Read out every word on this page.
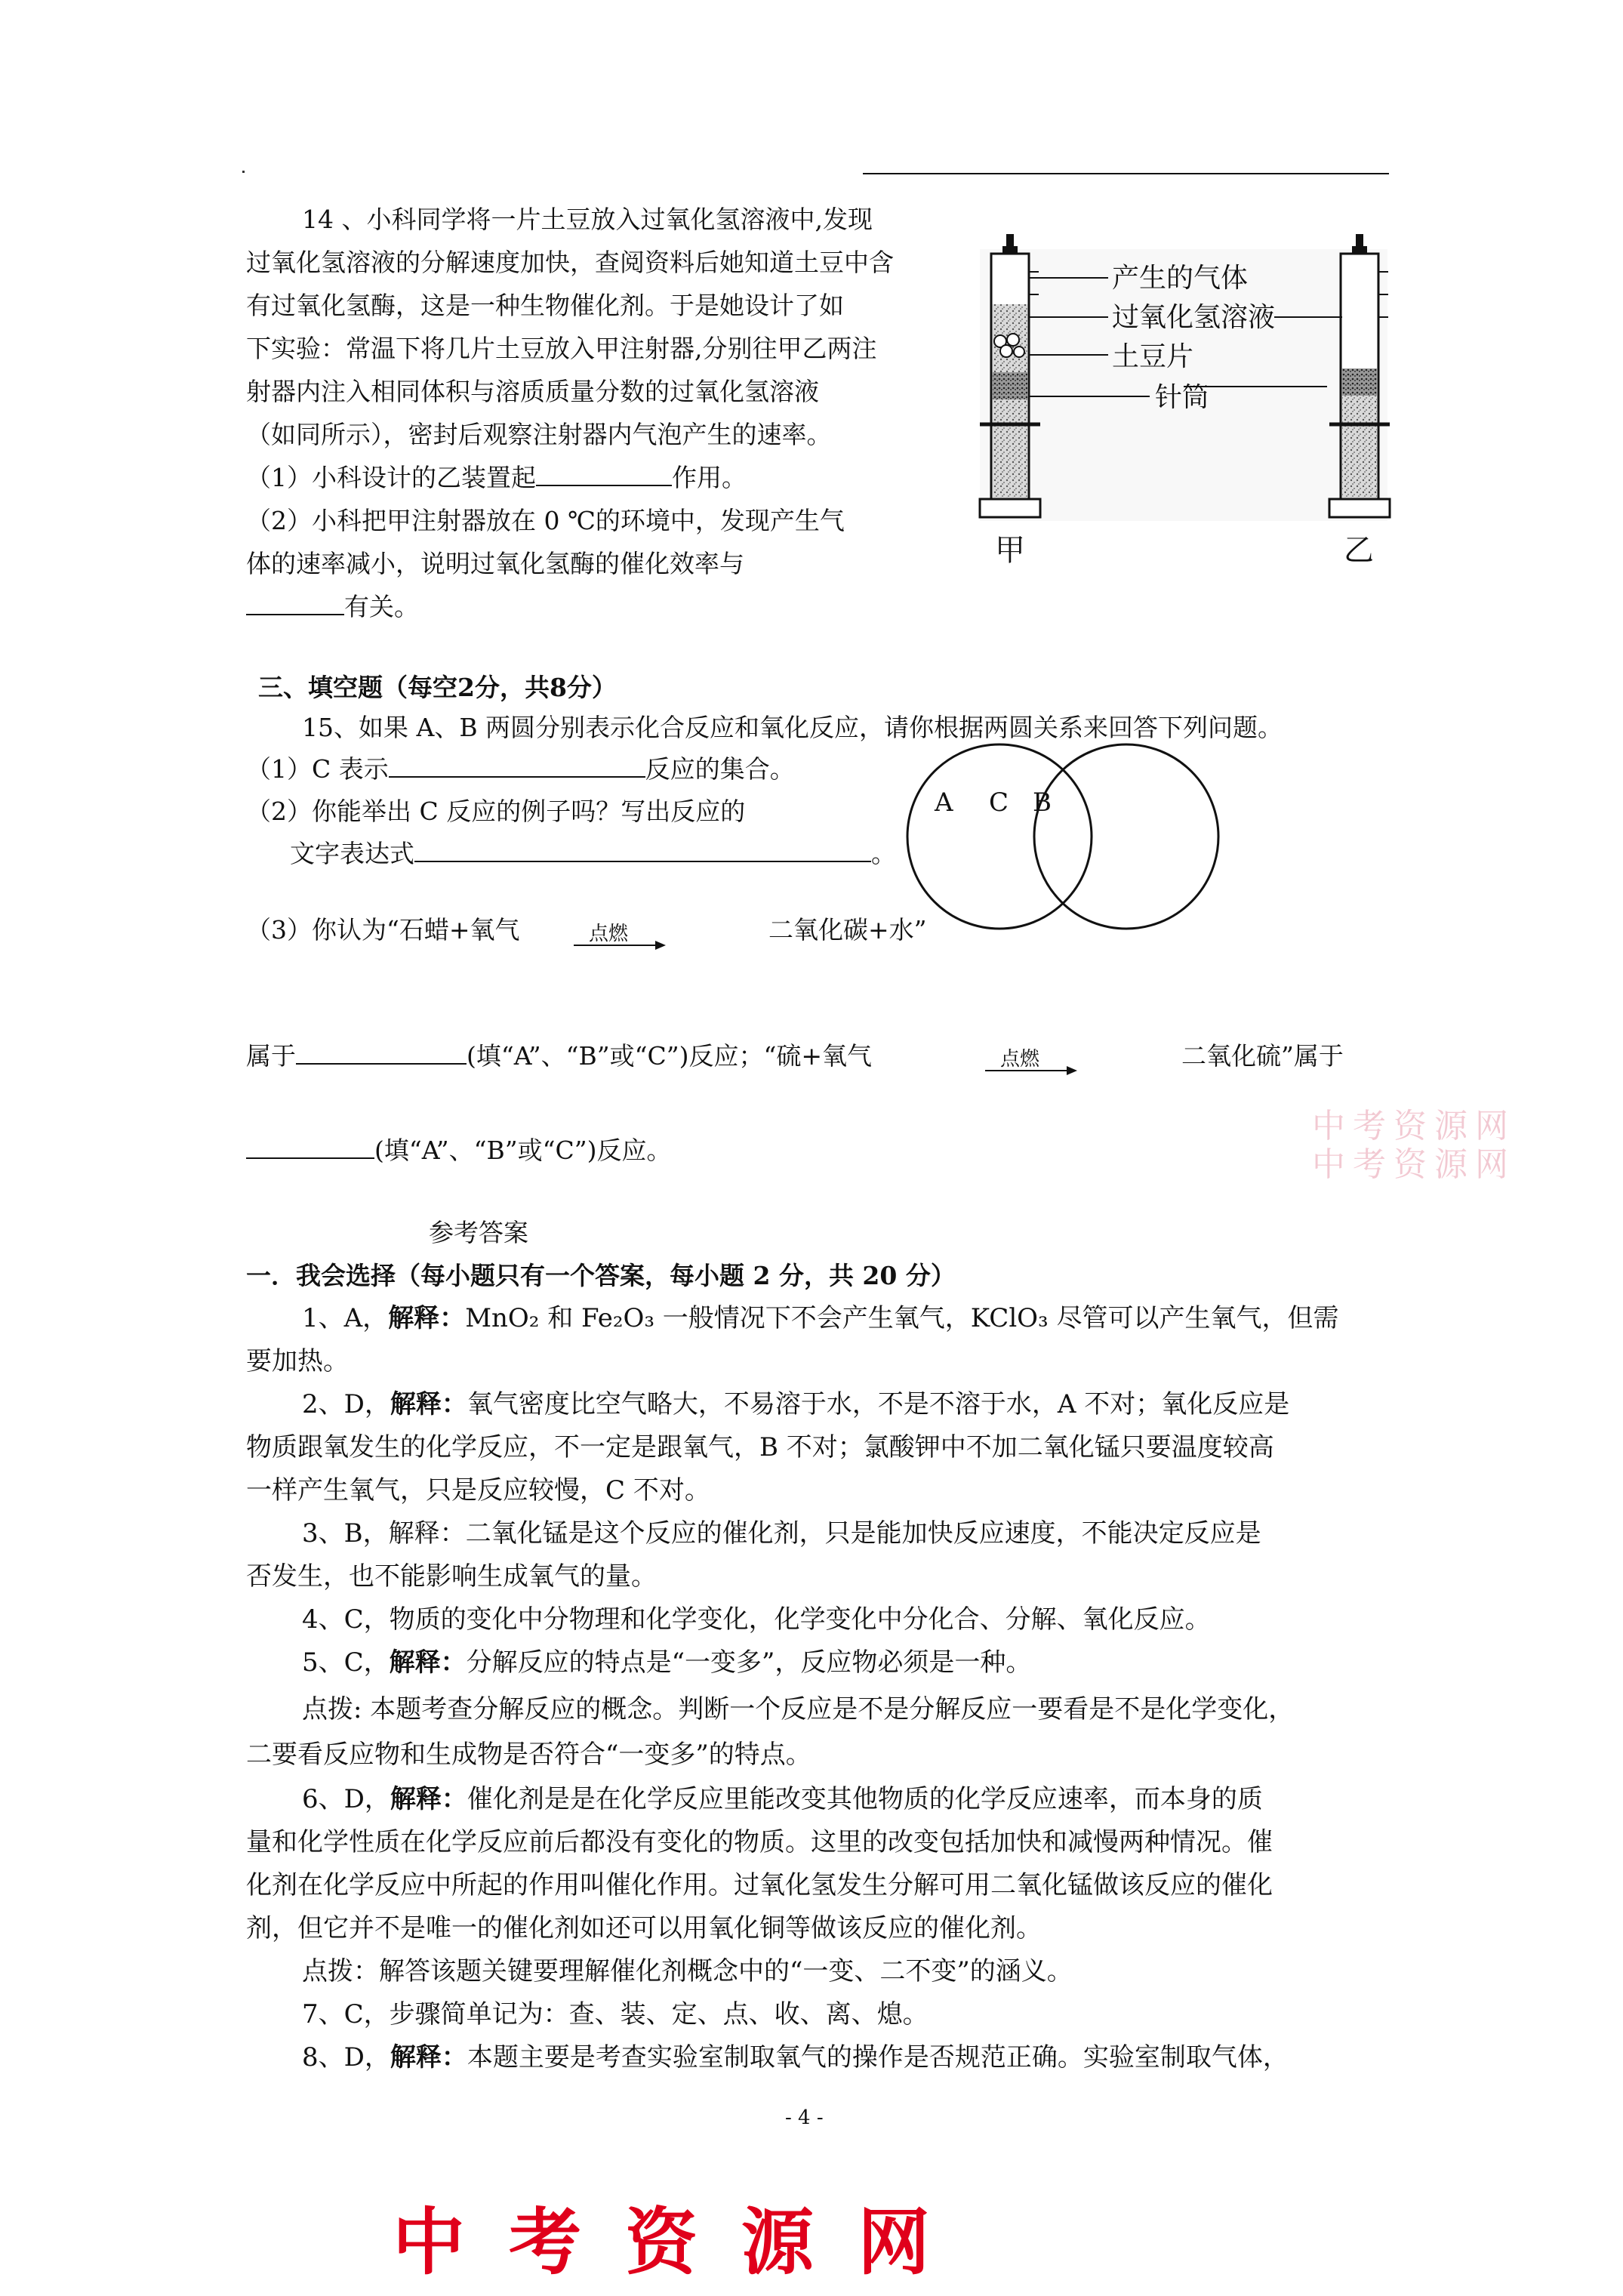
14 、小科同学将一片土豆放入过氧化氢溶液中,发现
过氧化氢溶液的分解速度加快，查阅资料后她知道土豆中含
有过氧化氢酶，这是一种生物催化剂。于是她设计了如
下实验：常温下将几片土豆放入甲注射器,分别往甲乙两注
射器内注入相同体积与溶质质量分数的过氧化氢溶液
（如同所示），密封后观察注射器内气泡产生的速率。
（1）小科设计的乙装置起	作用。
（2）小科把甲注射器放在 0 ℃的环境中，发现产生气
体的速率减小，说明过氧化氢酶的催化效率与
有关。
产生的气体
过氧化氢溶液
土豆片
针筒
甲	乙
三、填空题（每空2分，共8分）
15、如果 A、B 两圆分别表示化合反应和氧化反应，请你根据两圆关系来回答下列问题。
（1）C 表示	反应的集合。
（2）你能举出 C 反应的例子吗？写出反应的
文字表达式	。
A C B
（3）你认为“石蜡+氧气	点燃	二氧化碳+水”
属于	(填“A”、“B”或“C”)反应；“硫+氧气	点燃	二氧化硫”属于
(填“A”、“B”或“C”)反应。
中考资源网
中考资源网
参考答案
一．我会选择（每小题只有一个答案，每小题 2 分，共 20 分）
1、A，解释：MnO₂ 和 Fe₂O₃ 一般情况下不会产生氧气，KClO₃ 尽管可以产生氧气，但需
要加热。
2、D，解释：氧气密度比空气略大，不易溶于水，不是不溶于水，A 不对；氧化反应是
物质跟氧发生的化学反应，不一定是跟氧气，B 不对；氯酸钾中不加二氧化锰只要温度较高
一样产生氧气，只是反应较慢，C 不对。
3、B，解释：二氧化锰是这个反应的催化剂，只是能加快反应速度，不能决定反应是
否发生，也不能影响生成氧气的量。
4、C，物质的变化中分物理和化学变化，化学变化中分化合、分解、氧化反应。
5、C，解释：分解反应的特点是“一变多”，反应物必须是一种。
点拨: 本题考查分解反应的概念。判断一个反应是不是分解反应一要看是不是化学变化，
二要看反应物和生成物是否符合“一变多”的特点。
6、D，解释：催化剂是是在化学反应里能改变其他物质的化学反应速率，而本身的质
量和化学性质在化学反应前后都没有变化的物质。这里的改变包括加快和减慢两种情况。催
化剂在化学反应中所起的作用叫催化作用。过氧化氢发生分解可用二氧化锰做该反应的催化
剂，但它并不是唯一的催化剂如还可以用氧化铜等做该反应的催化剂。
点拨：解答该题关键要理解催化剂概念中的“一变、二不变”的涵义。
7、C，步骤简单记为：查、装、定、点、收、离、熄。
8、D，解释：本题主要是考查实验室制取氧气的操作是否规范正确。实验室制取气体，
- 4 -
中考资源网
